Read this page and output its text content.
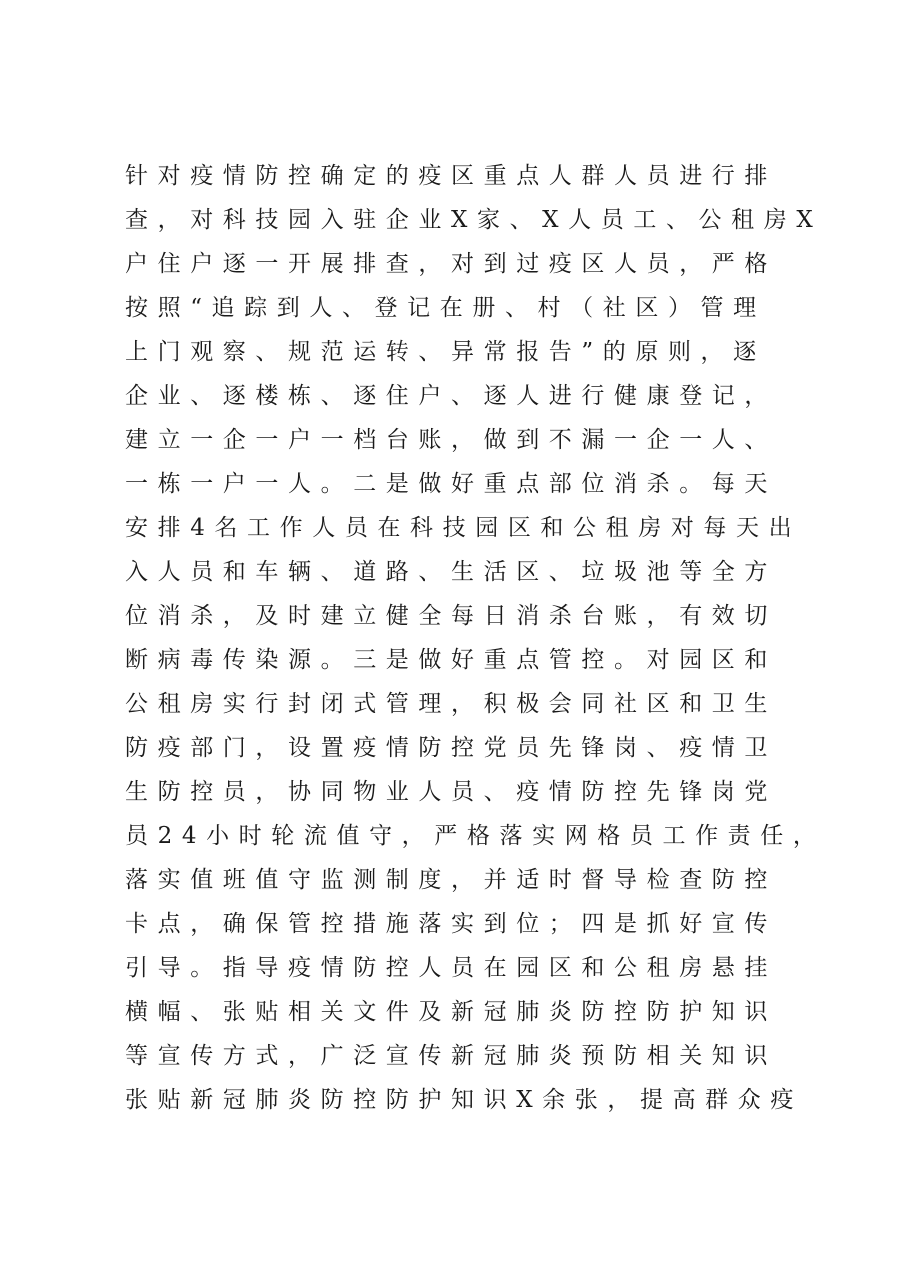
针对疫情防控确定的疫区重点人群人员进行排
查，对科技园入驻企业X家、X人员工、公租房X
户住户逐一开展排查，对到过疫区人员，严格
按照“追踪到人、登记在册、村（社区）管理
上门观察、规范运转、异常报告”的原则，逐
企业、逐楼栋、逐住户、逐人进行健康登记，
建立一企一户一档台账，做到不漏一企一人、
一栋一户一人。二是做好重点部位消杀。每天
安排4名工作人员在科技园区和公租房对每天出
入人员和车辆、道路、生活区、垃圾池等全方
位消杀，及时建立健全每日消杀台账，有效切
断病毒传染源。三是做好重点管控。对园区和
公租房实行封闭式管理，积极会同社区和卫生
防疫部门，设置疫情防控党员先锋岗、疫情卫
生防控员，协同物业人员、疫情防控先锋岗党
员24小时轮流值守，严格落实网格员工作责任，
落实值班值守监测制度，并适时督导检查防控
卡点，确保管控措施落实到位；四是抓好宣传
引导。指导疫情防控人员在园区和公租房悬挂
横幅、张贴相关文件及新冠肺炎防控防护知识
等宣传方式，广泛宣传新冠肺炎预防相关知识
张贴新冠肺炎防控防护知识X余张，提高群众疫
